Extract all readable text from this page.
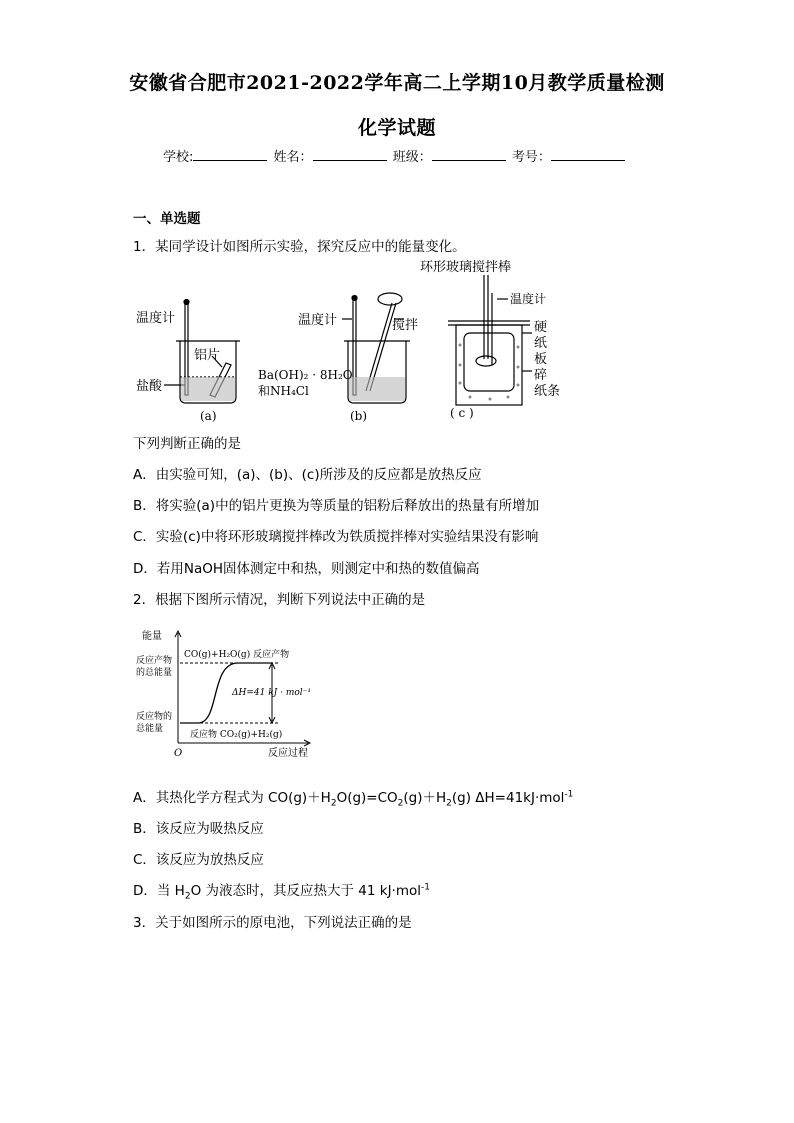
安徽省合肥市2021-2022学年高二上学期10月教学质量检测
化学试题
学校:	姓名：	班级：	考号：
一、单选题
1．某同学设计如图所示实验，探究反应中的能量变化。
温度计
铝片
盐酸
(a)
温度计	搅拌
Ba(OH)₂ · 8H₂O
和NH₄Cl
(b)
环形玻璃搅拌棒
温度计
硬
纸
板
碎
纸条
( c )
下列判断正确的是
A．由实验可知，(a)、(b)、(c)所涉及的反应都是放热反应
B．将实验(a)中的铝片更换为等质量的铝粉后释放出的热量有所增加
C．实验(c)中将环形玻璃搅拌棒改为铁质搅拌棒对实验结果没有影响
D．若用NaOH固体测定中和热，则测定中和热的数值偏高
2．根据下图所示情况，判断下列说法中正确的是
能量
CO(g)+H₂O(g) 反应产物
反应产物
的总能量
反应物的
总能量
反应物 CO₂(g)+H₂(g)
ΔH=41 kJ · mol⁻¹
O	反应过程
A．其热化学方程式为 $CO(g)+H_2O(g)=CO_2(g)+H_2(g)$ ΔH=41kJ·mol$^{-1}$
B．该反应为吸热反应
C．该反应为放热反应
D．当 $H_2O$ 为液态时，其反应热大于 41 kJ·mol$^{-1}$
3．关于如图所示的原电池，下列说法正确的是
